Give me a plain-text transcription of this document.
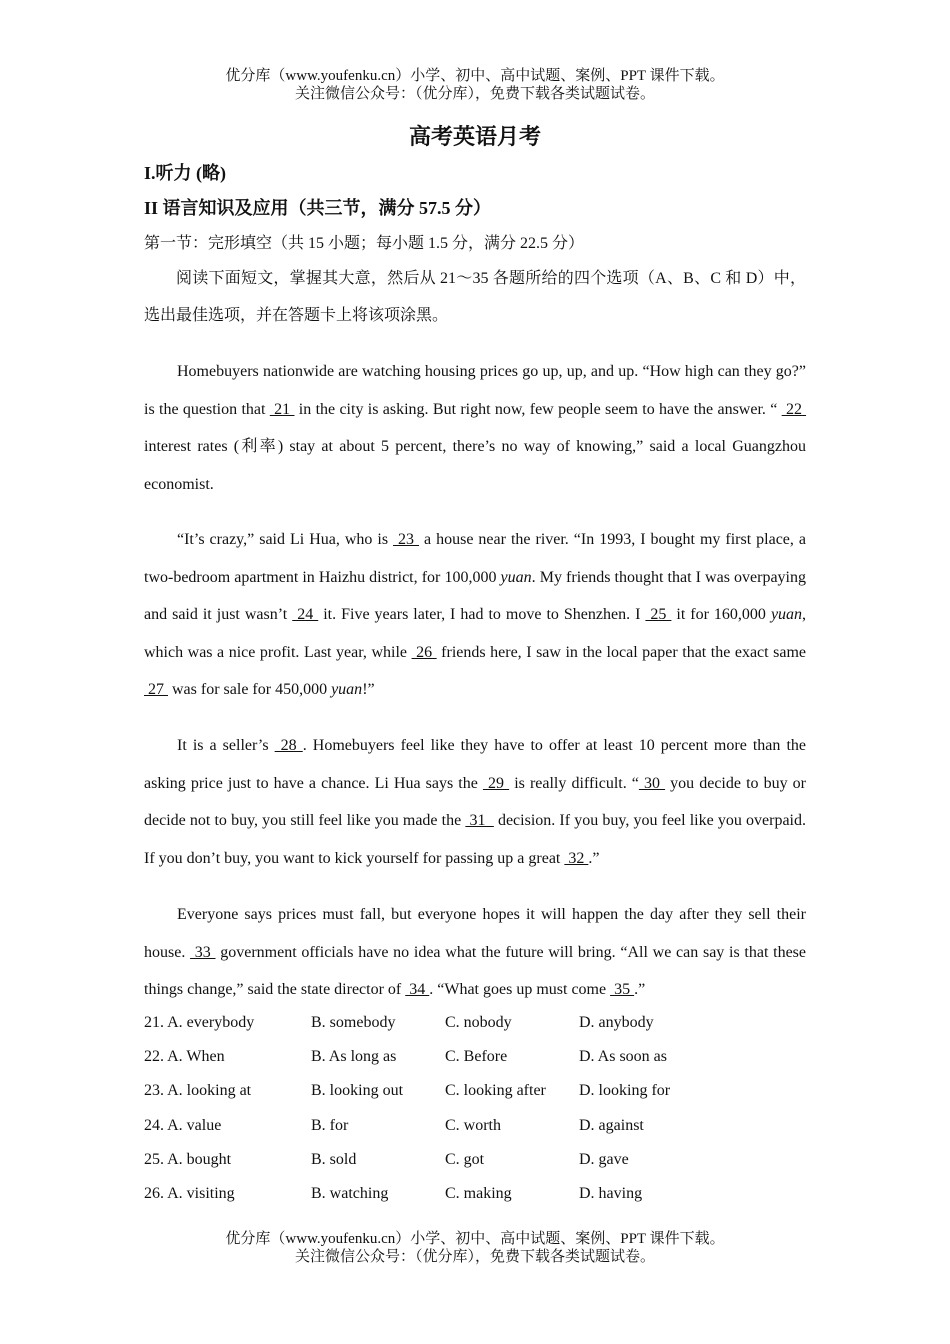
优分库（www.youfenku.cn）小学、初中、高中试题、案例、PPT 课件下载。
关注微信公众号：（优分库），免费下载各类试题试卷。
高考英语月考
I.听力 (略)
II 语言知识及应用（共三节，满分 57.5 分）
第一节：完形填空（共 15 小题；每小题 1.5 分，满分 22.5 分）
阅读下面短文，掌握其大意，然后从 21～35 各题所给的四个选项（A、B、C 和 D）中，选出最佳选项，并在答题卡上将该项涂黑。

Homebuyers nationwide are watching housing prices go up, up, and up. “How high can they go?” is the question that  21  in the city is asking. But right now, few people seem to have the answer. “  22  interest rates (利率) stay at about 5 percent, there’s no way of knowing,” said a local Guangzhou economist.

“It’s crazy,” said Li Hua, who is  23  a house near the river. “In 1993, I bought my first place, a two-bedroom apartment in Haizhu district, for 100,000 yuan. My friends thought that I was overpaying and said it just wasn’t  24  it. Five years later, I had to move to Shenzhen. I  25  it for 160,000 yuan, which was a nice profit. Last year, while  26  friends here, I saw in the local paper that the exact same  27  was for sale for 450,000 yuan!”

It is a seller’s  28 . Homebuyers feel like they have to offer at least 10 percent more than the asking price just to have a chance. Li Hua says the  29  is really difficult. “ 30  you decide to buy or decide not to buy, you still feel like you made the  31   decision. If you buy, you feel like you overpaid. If you don’t buy, you want to kick yourself for passing up a great  32 .”

Everyone says prices must fall, but everyone hopes it will happen the day after they sell their house.  33  government officials have no idea what the future will bring. “All we can say is that these things change,” said the state director of  34 . “What goes up must come  35 .”

21. A. everybody	B. somebody	C. nobody	D. anybody
22. A. When	B. As long as	C. Before	D. As soon as
23. A. looking at	B. looking out	C. looking after D. looking for
24. A. value	B. for	C. worth	D. against
25. A. bought	B. sold	C. got	D. gave
26. A. visiting	B. watching	C. making	D. having
优分库（www.youfenku.cn）小学、初中、高中试题、案例、PPT 课件下载。
关注微信公众号：（优分库），免费下载各类试题试卷。
